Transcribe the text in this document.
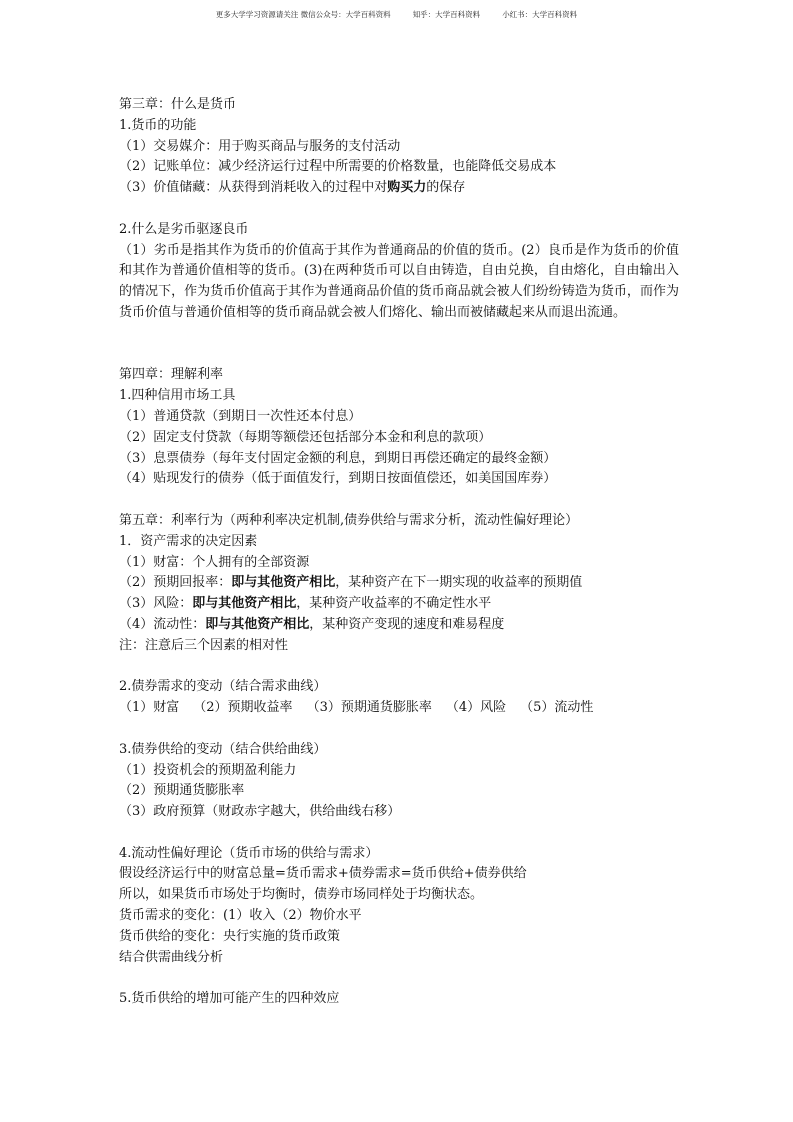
更多大学学习资源请关注 微信公众号：大学百科资料	知乎：大学百科资料	小红书：大学百科资料
第三章：什么是货币
1.货币的功能
（1）交易媒介：用于购买商品与服务的支付活动
（2）记账单位：减少经济运行过程中所需要的价格数量，也能降低交易成本
（3）价值储藏：从获得到消耗收入的过程中对购买力的保存
2.什么是劣币驱逐良币
（1）劣币是指其作为货币的价值高于其作为普通商品的价值的货币。(2）良币是作为货币的价值和其作为普通价值相等的货币。(3)在两种货币可以自由铸造，自由兑换，自由熔化，自由输出入的情况下，作为货币价值高于其作为普通商品价值的货币商品就会被人们纷纷铸造为货币，而作为货币价值与普通价值相等的货币商品就会被人们熔化、输出而被储藏起来从而退出流通。
第四章：理解利率
1.四种信用市场工具
（1）普通贷款（到期日一次性还本付息）
（2）固定支付贷款（每期等额偿还包括部分本金和利息的款项）
（3）息票债券（每年支付固定金额的利息，到期日再偿还确定的最终金额）
（4）贴现发行的债券（低于面值发行，到期日按面值偿还，如美国国库券）
第五章：利率行为（两种利率决定机制,债券供给与需求分析，流动性偏好理论）
1．资产需求的决定因素
（1）财富：个人拥有的全部资源
（2）预期回报率：即与其他资产相比，某种资产在下一期实现的收益率的预期值
（3）风险：即与其他资产相比，某种资产收益率的不确定性水平
（4）流动性：即与其他资产相比，某种资产变现的速度和难易程度
注：注意后三个因素的相对性
2.债券需求的变动（结合需求曲线）
（1）财富 （2）预期收益率 （3）预期通货膨胀率 （4）风险 （5）流动性
3.债券供给的变动（结合供给曲线）
（1）投资机会的预期盈利能力
（2）预期通货膨胀率
（3）政府预算（财政赤字越大，供给曲线右移）
4.流动性偏好理论（货币市场的供给与需求）
假设经济运行中的财富总量=货币需求+债券需求=货币供给+债券供给
所以，如果货币市场处于均衡时，债券市场同样处于均衡状态。
货币需求的变化：(1）收入（2）物价水平
货币供给的变化：央行实施的货币政策
结合供需曲线分析
5.货币供给的增加可能产生的四种效应
